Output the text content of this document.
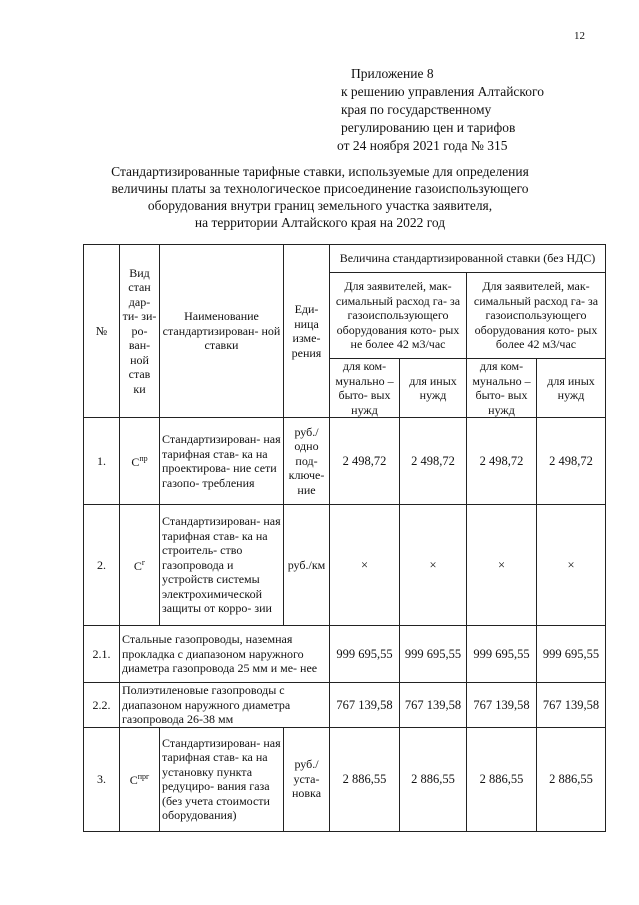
12
Приложение 8
к решению управления Алтайского
края по государственному
регулированию цен и тарифов
от 24 ноября 2021 года № 315
Стандартизированные тарифные ставки, используемые для определения
величины платы за технологическое присоединение газоиспользующего
оборудования внутри границ земельного участка заявителя,
на территории Алтайского края на 2022 год
№	Вид стан дар- ти- зи- ро- ван- ной став ки	Наименование стандартизирован- ной ставки	Еди- ница изме- рения	Величина стандартизированной ставки (без НДС)			
				Для заявителей, мак- симальный расход га- за газоиспользующего оборудования кото- рых не более 42 м3/час		Для заявителей, мак- симальный расход га- за газоиспользующего оборудования кото- рых более 42 м3/час	
				для ком- мунально – быто- вых нужд	для иных нужд	для ком- мунально – быто- вых нужд	для иных нужд
1.	$C^{пр}$	Стандартизирован- ная тарифная став- ка на проектирова- ние сети газопо- требления	руб./ одно под- ключе- ние	2 498,72	2 498,72	2 498,72	2 498,72
2.	$C^г$	Стандартизирован- ная тарифная став- ка на строитель- ство газопровода и устройств системы электрохимической защиты от корро- зии	руб./км	×	×	×	×
2.1.	Стальные газопроводы, наземная прокладка с диапазоном наружного диаметра газопровода 25 мм и ме- нее			999 695,55	999 695,55	999 695,55	999 695,55
2.2.	Полиэтиленовые газопроводы с диапазоном наружного диаметра газопровода 26-38 мм			767 139,58	767 139,58	767 139,58	767 139,58
3.	$C^{прг}$	Стандартизирован- ная тарифная став- ка на установку пункта редуциро- вания газа (без учета стоимости оборудования)	руб./ уста- новка	2 886,55	2 886,55	2 886,55	2 886,55
